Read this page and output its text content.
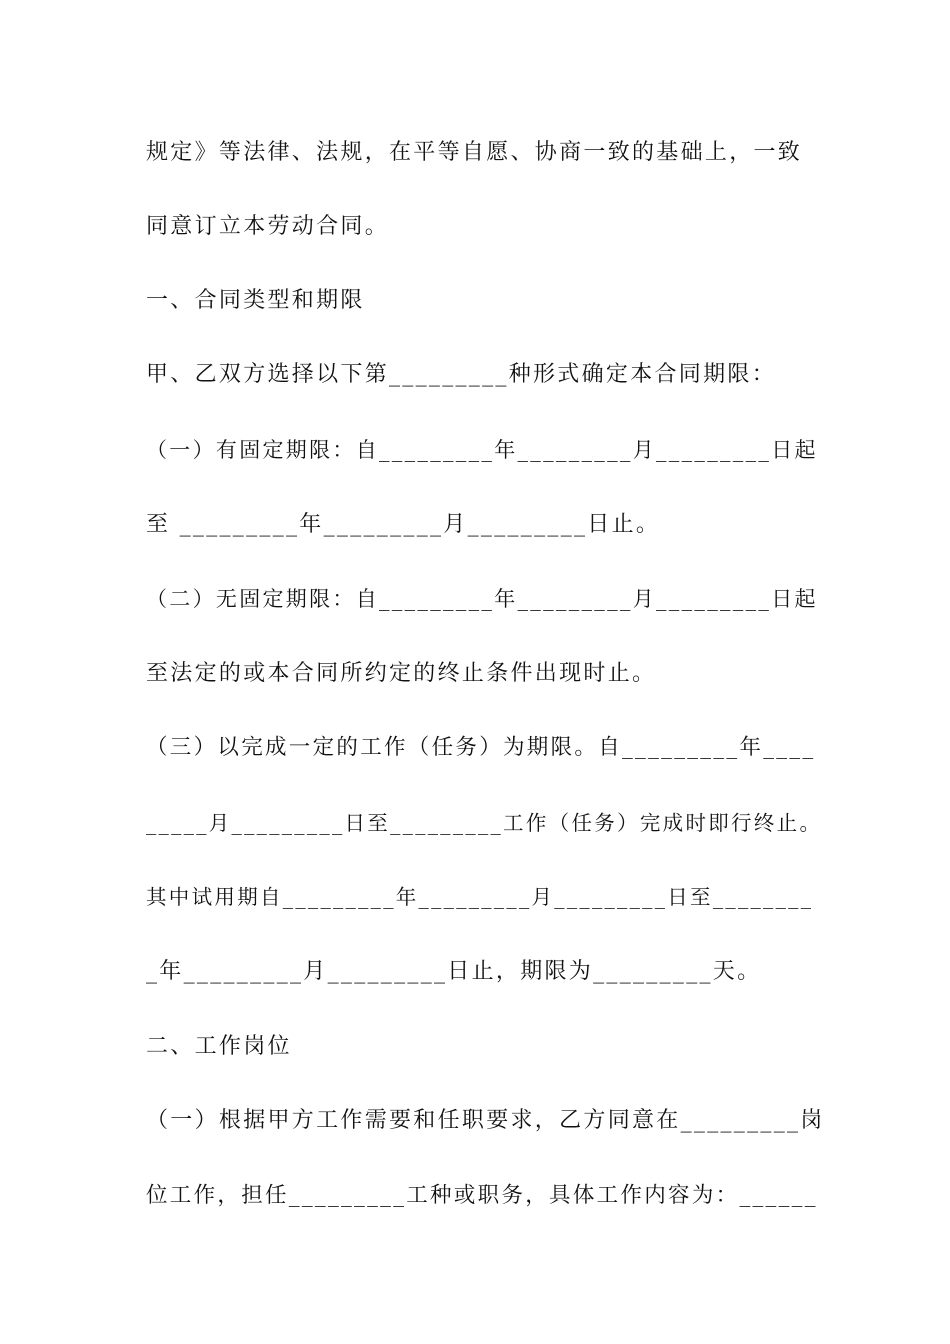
规定》等法律、法规，在平等自愿、协商一致的基础上，一致
同意订立本劳动合同。
一、合同类型和期限
甲、乙双方选择以下第_________种形式确定本合同期限：
（一）有固定期限：自_________年_________月_________日起
至 _________年_________月_________日止。
（二）无固定期限：自_________年_________月_________日起
至法定的或本合同所约定的终止条件出现时止。
（三）以完成一定的工作（任务）为期限。自_________年____
_____月_________日至_________工作（任务）完成时即行终止。
其中试用期自_________年_________月_________日至________
_年_________月_________日止，期限为_________天。
二、工作岗位
（一）根据甲方工作需要和任职要求，乙方同意在_________岗
位工作，担任_________工种或职务，具体工作内容为：______
